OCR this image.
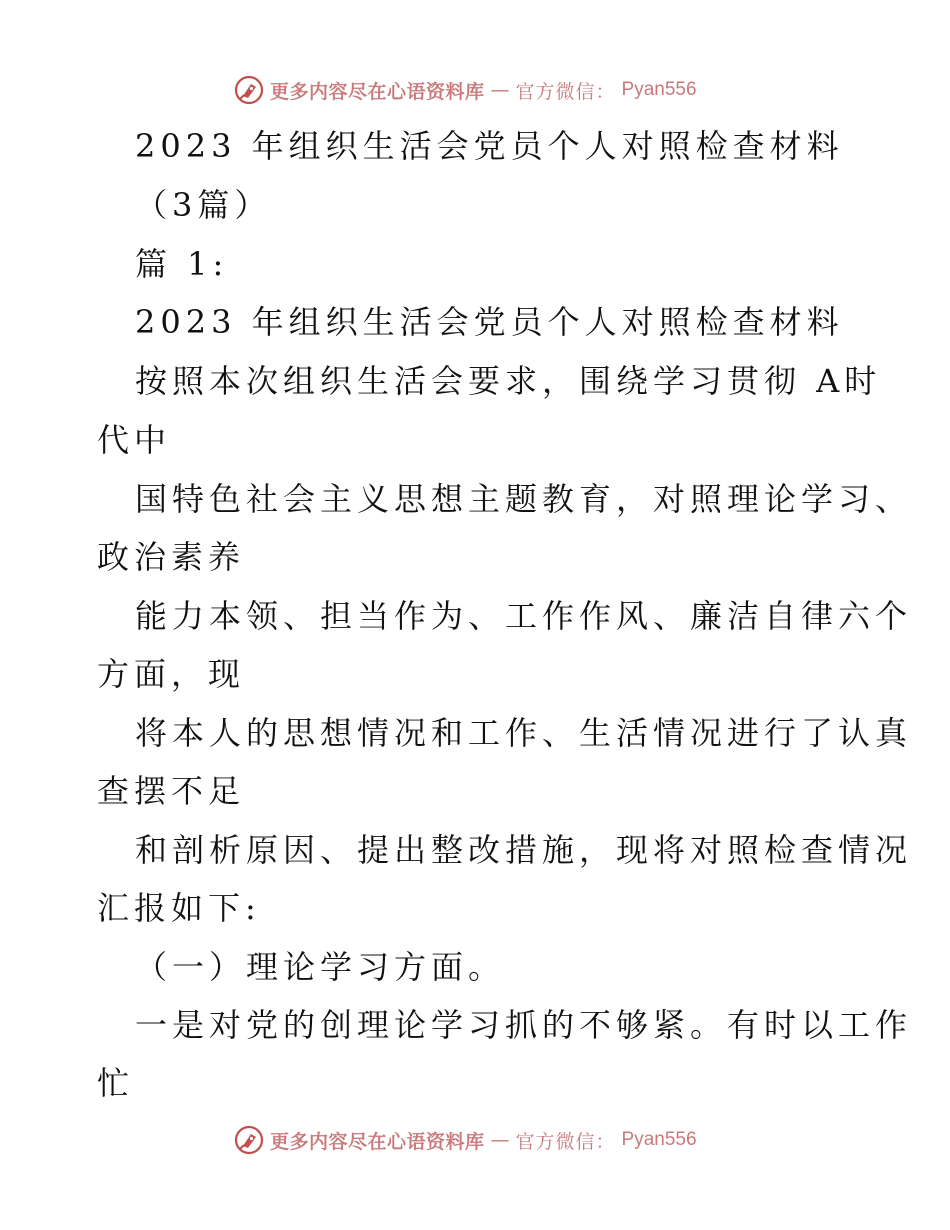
更多内容尽在心语资料库 — 官方微信： Pyan556
2023 年组织生活会党员个人对照检查材料
（3篇）
篇 1:
2023 年组织生活会党员个人对照检查材料
按照本次组织生活会要求，围绕学习贯彻 A时
代中
国特色社会主义思想主题教育，对照理论学习、
政治素养
能力本领、担当作为、工作作风、廉洁自律六个
方面，现
将本人的思想情况和工作、生活情况进行了认真
查摆不足
和剖析原因、提出整改措施，现将对照检查情况
汇报如下:
（一）理论学习方面。
一是对党的创理论学习抓的不够紧。有时以工作
忙
更多内容尽在心语资料库 — 官方微信： Pyan556
